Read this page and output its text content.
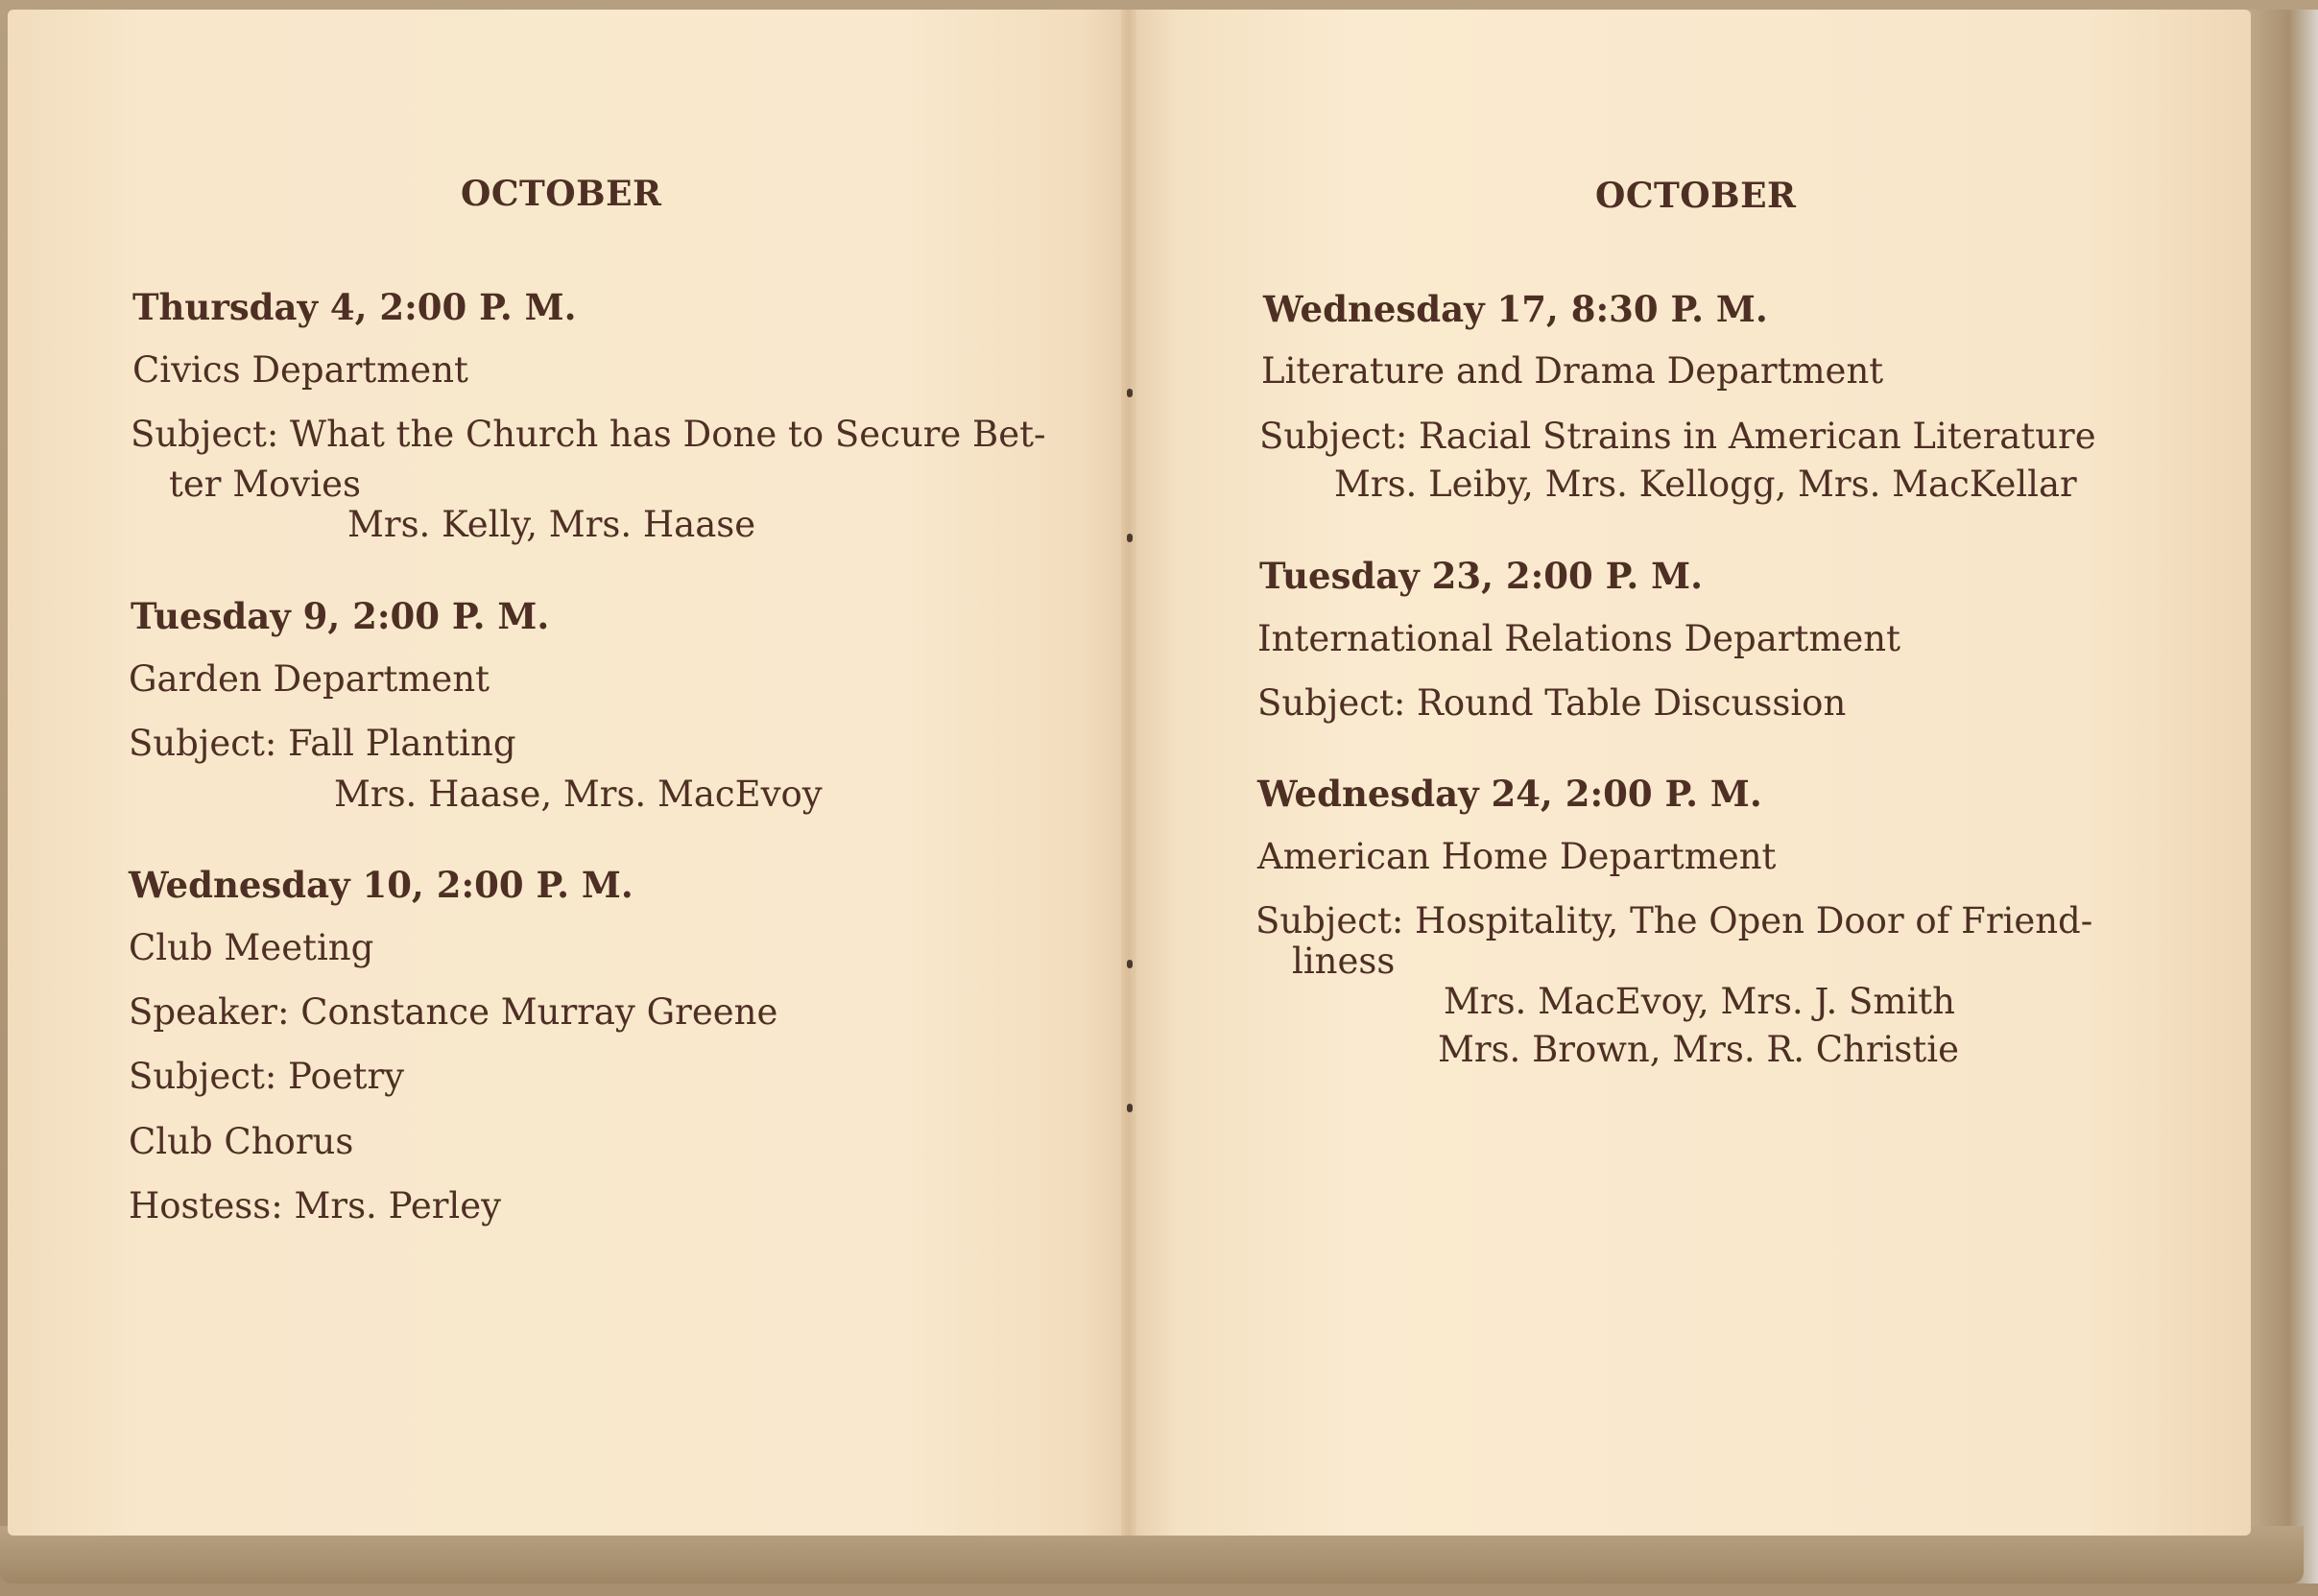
OCTOBER
Thursday 4, 2:00 P. M.
Civics Department
Subject: What the Church has Done to Secure Bet-
ter Movies
Mrs. Kelly, Mrs. Haase
Tuesday 9, 2:00 P. M.
Garden Department
Subject: Fall Planting
Mrs. Haase, Mrs. MacEvoy
Wednesday 10, 2:00 P. M.
Club Meeting
Speaker: Constance Murray Greene
Subject: Poetry
Club Chorus
Hostess: Mrs. Perley
OCTOBER
Wednesday 17, 8:30 P. M.
Literature and Drama Department
Subject: Racial Strains in American Literature
Mrs. Leiby, Mrs. Kellogg, Mrs. MacKellar
Tuesday 23, 2:00 P. M.
International Relations Department
Subject: Round Table Discussion
Wednesday 24, 2:00 P. M.
American Home Department
Subject: Hospitality, The Open Door of Friend-
liness
Mrs. MacEvoy, Mrs. J. Smith
Mrs. Brown, Mrs. R. Christie
